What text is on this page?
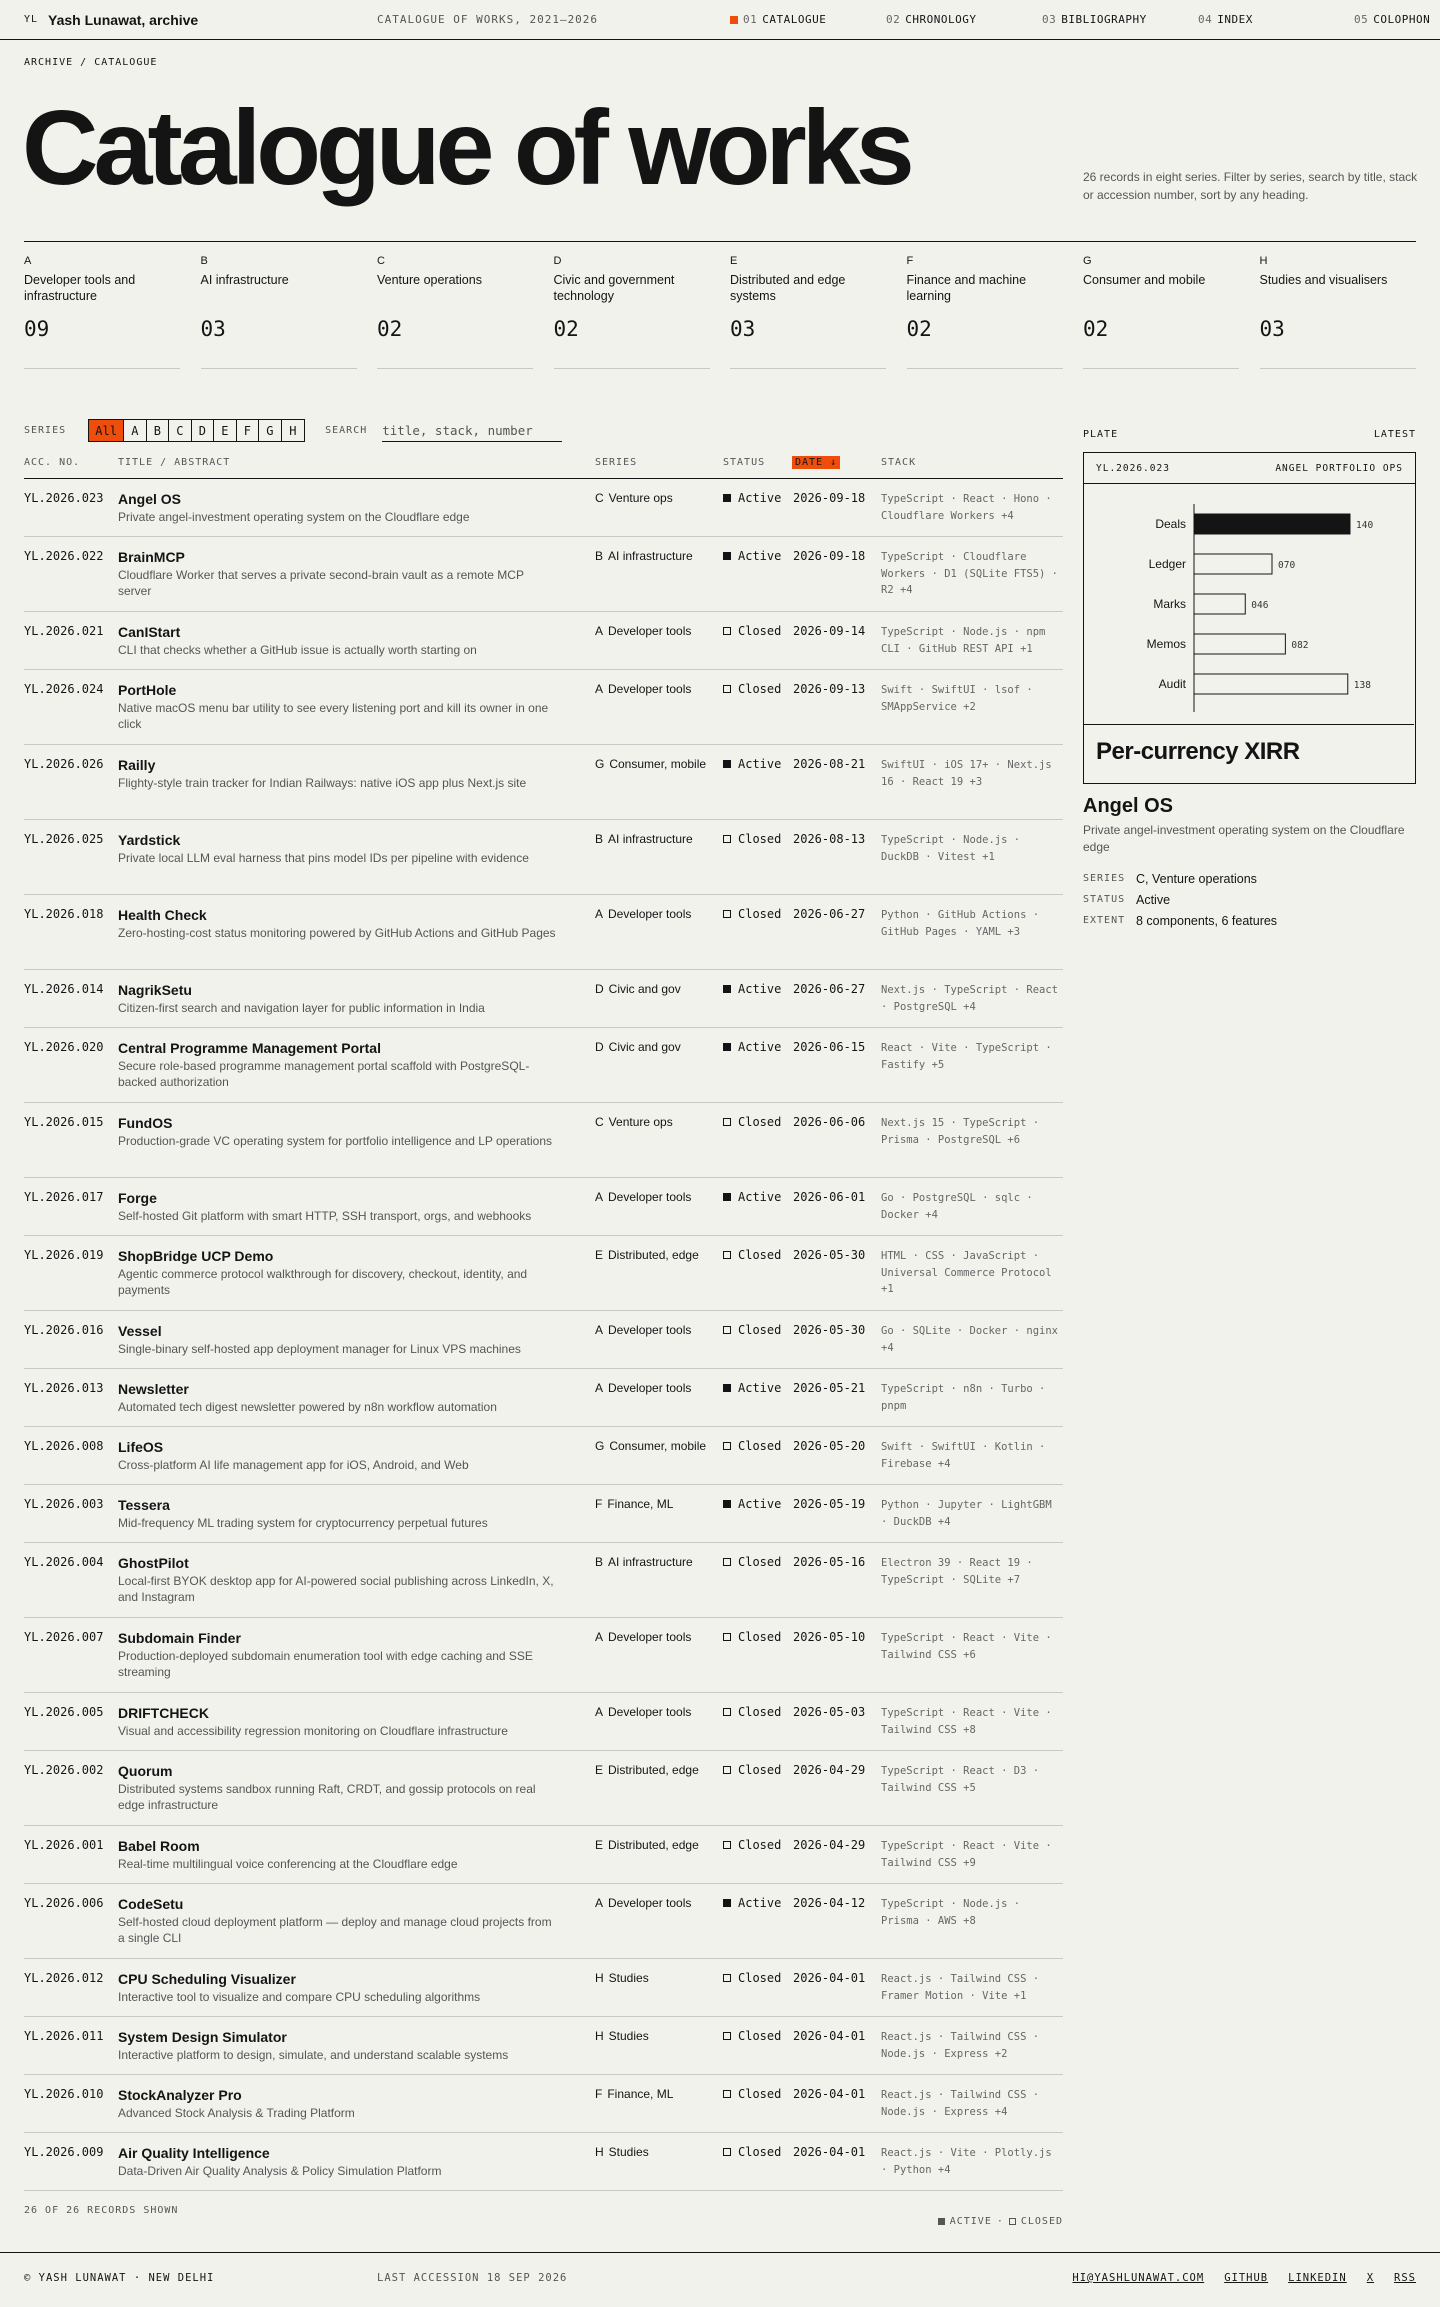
YL Yash Lunawat, archive	CATALOGUE OF WORKS, 2021–2026	01 CATALOGUE	02 CHRONOLOGY	03 BIBLIOGRAPHY	04 INDEX	05 COLOPHON
ARCHIVE / CATALOGUE
Catalogue of works	26 records in eight series. Filter by series, search by title, stack or accession number, sort by any heading.

A
Developer tools and infrastructure
09
B
AI infrastructure
03
C
Venture operations
02
D
Civic and government technology
02
E
Distributed and edge systems
03
F
Finance and machine learning
02
G
Consumer and mobile
02
H
Studies and visualisers
03
SERIES	All	A	B	C	D	E	F	G	H	SEARCH
title, stack, number
ACC. NO.	TITLE / ABSTRACT	SERIES	STATUS	DATE ↓	STACK
YL.2026.023 Angel OS
Private angel-investment operating system on the Cloudflare edge
C Venture ops	Active 2026-09-18 TypeScript · React · Hono · Cloudflare Workers +4
YL.2026.022 BrainMCP
Cloudflare Worker that serves a private second-brain vault as a remote MCP server
B AI infrastructure	Active 2026-09-18 TypeScript · Cloudflare Workers · D1 (SQLite FTS5) · R2 +4
YL.2026.021 CanIStart
CLI that checks whether a GitHub issue is actually worth starting on
A Developer tools	Closed 2026-09-14 TypeScript · Node.js · npm CLI · GitHub REST API +1
YL.2026.024 PortHole
Native macOS menu bar utility to see every listening port and kill its owner in one click
A Developer tools	Closed 2026-09-13 Swift · SwiftUI · lsof · SMAppService +2
YL.2026.026 Railly
Flighty-style train tracker for Indian Railways: native iOS app plus Next.js site
G Consumer, mobile	Active 2026-08-21 SwiftUI · iOS 17+ · Next.js 16 · React 19 +3
YL.2026.025 Yardstick
Private local LLM eval harness that pins model IDs per pipeline with evidence
B AI infrastructure	Closed 2026-08-13 TypeScript · Node.js · DuckDB · Vitest +1
YL.2026.018 Health Check
Zero-hosting-cost status monitoring powered by GitHub Actions and GitHub Pages
A Developer tools	Closed 2026-06-27 Python · GitHub Actions · GitHub Pages · YAML +3
YL.2026.014 NagrikSetu
Citizen-first search and navigation layer for public information in India
D Civic and gov	Active 2026-06-27 Next.js · TypeScript · React · PostgreSQL +4
YL.2026.020 Central Programme Management Portal
Secure role-based programme management portal scaffold with PostgreSQL-backed authorization
D Civic and gov	Active 2026-06-15 React · Vite · TypeScript · Fastify +5
YL.2026.015 FundOS
Production-grade VC operating system for portfolio intelligence and LP operations
C Venture ops	Closed 2026-06-06 Next.js 15 · TypeScript · Prisma · PostgreSQL +6
YL.2026.017 Forge
Self-hosted Git platform with smart HTTP, SSH transport, orgs, and webhooks
A Developer tools	Active 2026-06-01 Go · PostgreSQL · sqlc · Docker +4
YL.2026.019 ShopBridge UCP Demo
Agentic commerce protocol walkthrough for discovery, checkout, identity, and payments
E Distributed, edge	Closed 2026-05-30 HTML · CSS · JavaScript · Universal Commerce Protocol +1
YL.2026.016 Vessel
Single-binary self-hosted app deployment manager for Linux VPS machines
A Developer tools	Closed 2026-05-30 Go · SQLite · Docker · nginx +4
YL.2026.013 Newsletter
Automated tech digest newsletter powered by n8n workflow automation
A Developer tools	Active 2026-05-21 TypeScript · n8n · Turbo · pnpm
YL.2026.008 LifeOS
Cross-platform AI life management app for iOS, Android, and Web
G Consumer, mobile	Closed 2026-05-20 Swift · SwiftUI · Kotlin · Firebase +4
YL.2026.003 Tessera
Mid-frequency ML trading system for cryptocurrency perpetual futures
F Finance, ML	Active 2026-05-19 Python · Jupyter · LightGBM · DuckDB +4
YL.2026.004 GhostPilot
Local-first BYOK desktop app for AI-powered social publishing across LinkedIn, X, and Instagram
B AI infrastructure	Closed 2026-05-16 Electron 39 · React 19 · TypeScript · SQLite +7
YL.2026.007 Subdomain Finder
Production-deployed subdomain enumeration tool with edge caching and SSE streaming
A Developer tools	Closed 2026-05-10 TypeScript · React · Vite · Tailwind CSS +6
YL.2026.005 DRIFTCHECK
Visual and accessibility regression monitoring on Cloudflare infrastructure
A Developer tools	Closed 2026-05-03 TypeScript · React · Vite · Tailwind CSS +8
YL.2026.002 Quorum
Distributed systems sandbox running Raft, CRDT, and gossip protocols on real edge infrastructure
E Distributed, edge	Closed 2026-04-29 TypeScript · React · D3 · Tailwind CSS +5
YL.2026.001 Babel Room
Real-time multilingual voice conferencing at the Cloudflare edge
E Distributed, edge	Closed 2026-04-29 TypeScript · React · Vite · Tailwind CSS +9
YL.2026.006 CodeSetu
Self-hosted cloud deployment platform — deploy and manage cloud projects from a single CLI
A Developer tools	Active 2026-04-12 TypeScript · Node.js · Prisma · AWS +8
YL.2026.012 CPU Scheduling Visualizer
Interactive tool to visualize and compare CPU scheduling algorithms
H Studies	Closed 2026-04-01 React.js · Tailwind CSS · Framer Motion · Vite +1
YL.2026.011 System Design Simulator
Interactive platform to design, simulate, and understand scalable systems
H Studies	Closed 2026-04-01 React.js · Tailwind CSS · Node.js · Express +2
YL.2026.010 StockAnalyzer Pro
Advanced Stock Analysis & Trading Platform
F Finance, ML	Closed 2026-04-01 React.js · Tailwind CSS · Node.js · Express +4
YL.2026.009 Air Quality Intelligence
Data-Driven Air Quality Analysis & Policy Simulation Platform
H Studies	Closed 2026-04-01 React.js · Vite · Plotly.js · Python +4
26 OF 26 RECORDS SHOWN
ACTIVE · CLOSED
PLATE	LATEST
YL.2026.023	ANGEL PORTFOLIO OPS
Deals	140
Ledger	070
Marks	046
Memos	082
Audit	138
Per-currency XIRR
Angel OS
Private angel-investment operating system on the Cloudflare edge
SERIES C, Venture operations
STATUS Active
EXTENT 8 components, 6 features
© YASH LUNAWAT · NEW DELHI	LAST ACCESSION 18 SEP 2026	HI@YASHLUNAWAT.COM GITHUB LINKEDIN X RSS
